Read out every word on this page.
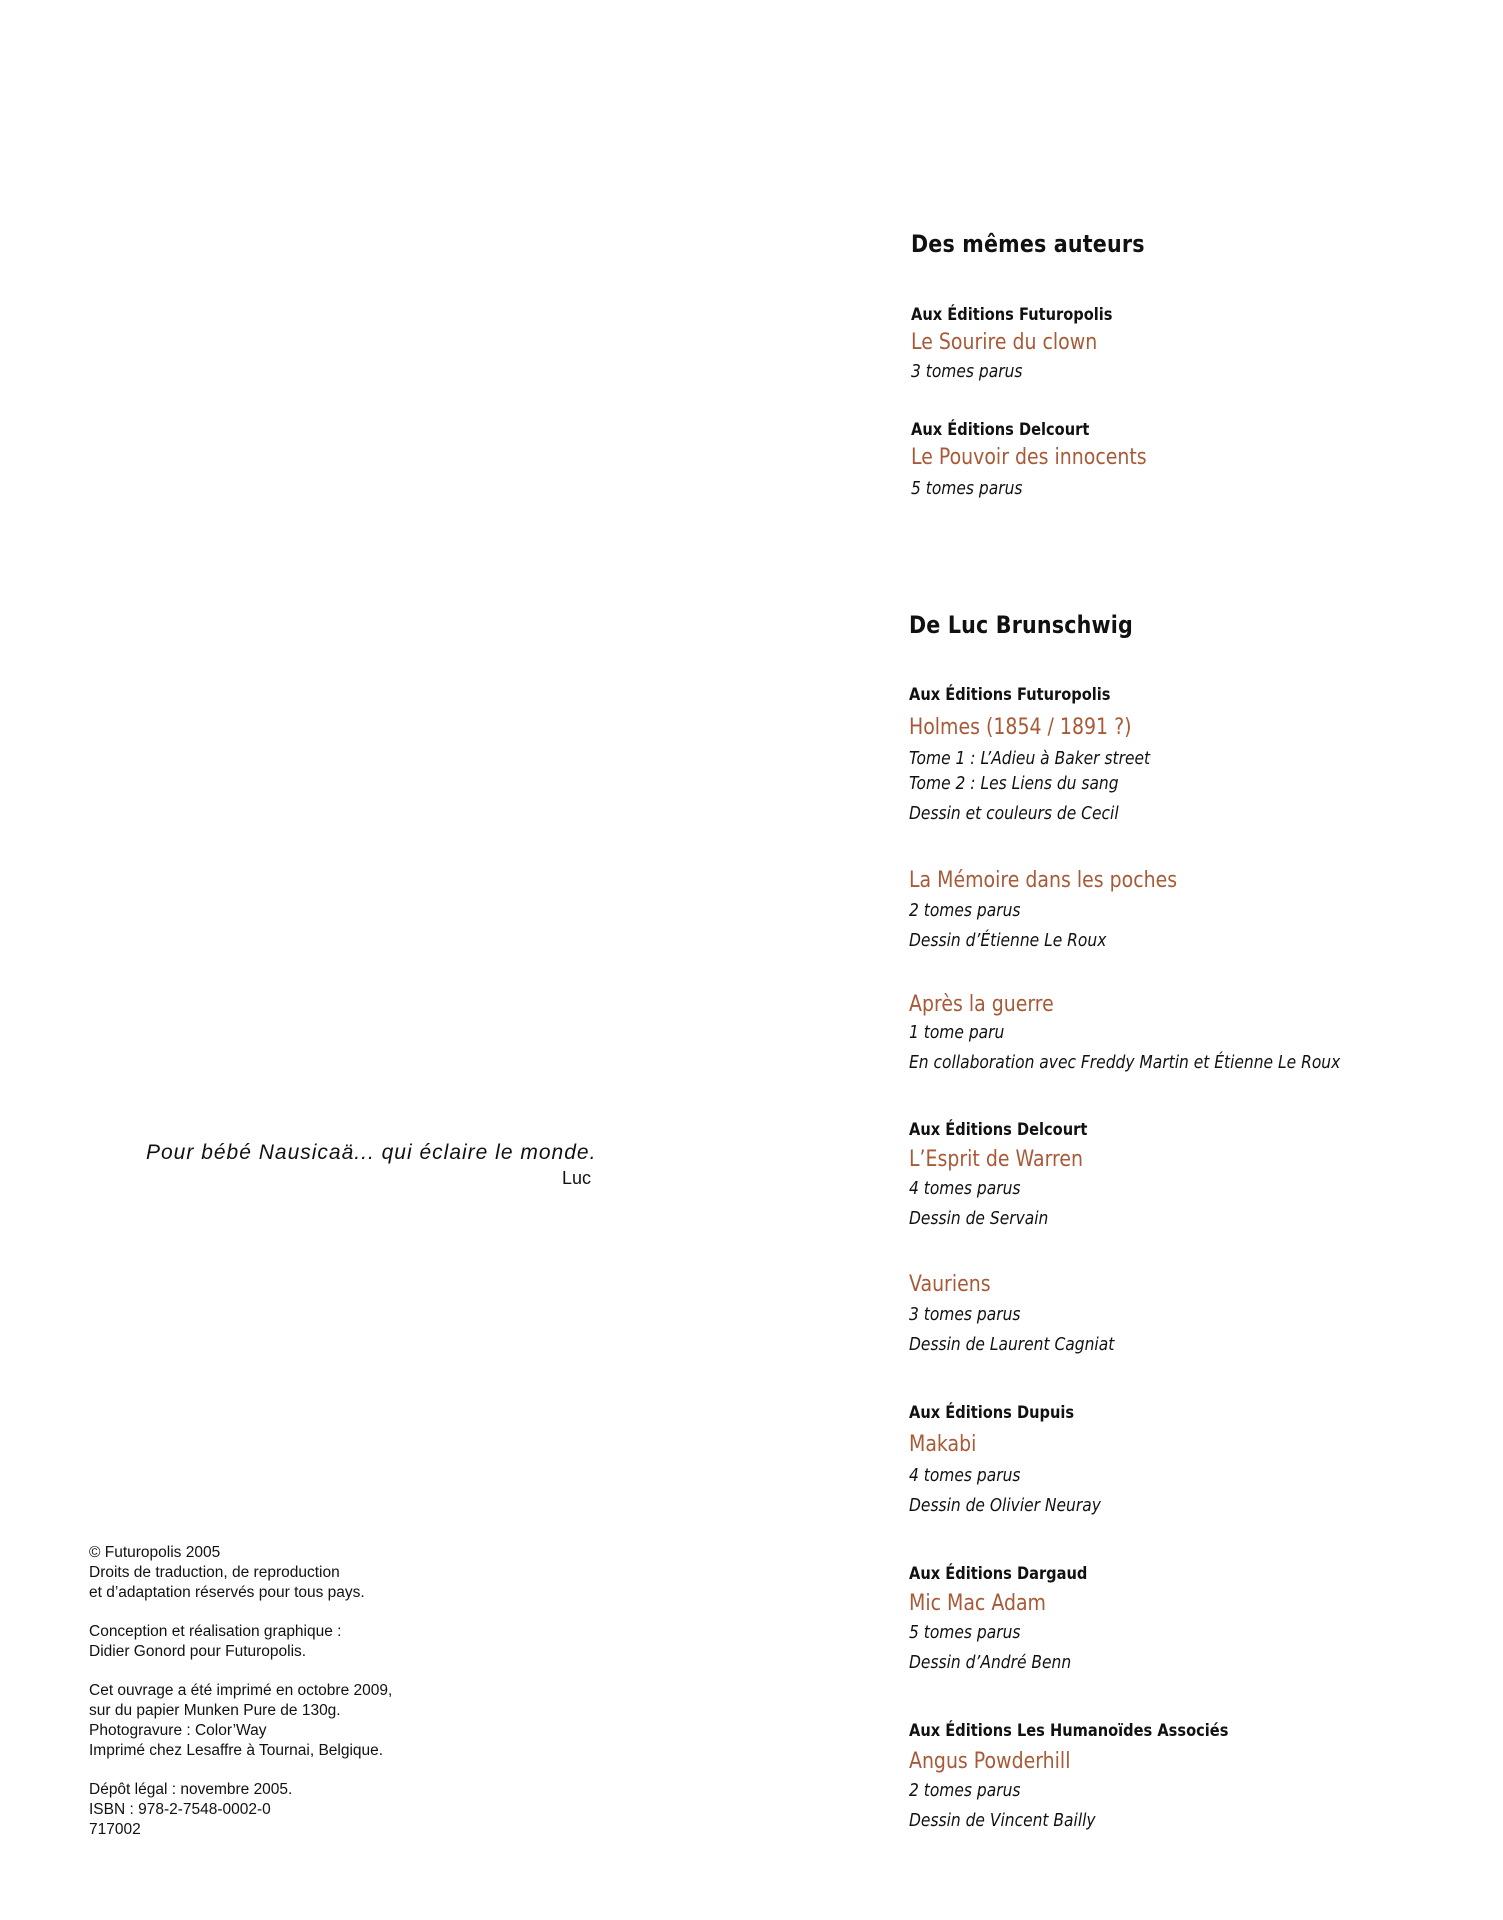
Pour bébé Nausicaä... qui éclaire le monde.
Luc
© Futuropolis 2005
Droits de traduction, de reproduction
et d’adaptation réservés pour tous pays.
Conception et réalisation graphique :
Didier Gonord pour Futuropolis.
Cet ouvrage a été imprimé en octobre 2009,
sur du papier Munken Pure de 130g.
Photogravure : Color’Way
Imprimé chez Lesaffre à Tournai, Belgique.
Dépôt légal : novembre 2005.
ISBN : 978-2-7548-0002-0
717002
Des mêmes auteurs
Aux Éditions Futuropolis
Le Sourire du clown
3 tomes parus
Aux Éditions Delcourt
Le Pouvoir des innocents
5 tomes parus
De Luc Brunschwig
Aux Éditions Futuropolis
Holmes (1854 / 1891 ?)
Tome 1 : L’Adieu à Baker street
Tome 2 : Les Liens du sang
Dessin et couleurs de Cecil
La Mémoire dans les poches
2 tomes parus
Dessin d’Étienne Le Roux
Après la guerre
1 tome paru
En collaboration avec Freddy Martin et Étienne Le Roux
Aux Éditions Delcourt
L’Esprit de Warren
4 tomes parus
Dessin de Servain
Vauriens
3 tomes parus
Dessin de Laurent Cagniat
Aux Éditions Dupuis
Makabi
4 tomes parus
Dessin de Olivier Neuray
Aux Éditions Dargaud
Mic Mac Adam
5 tomes parus
Dessin d’André Benn
Aux Éditions Les Humanoïdes Associés
Angus Powderhill
2 tomes parus
Dessin de Vincent Bailly
